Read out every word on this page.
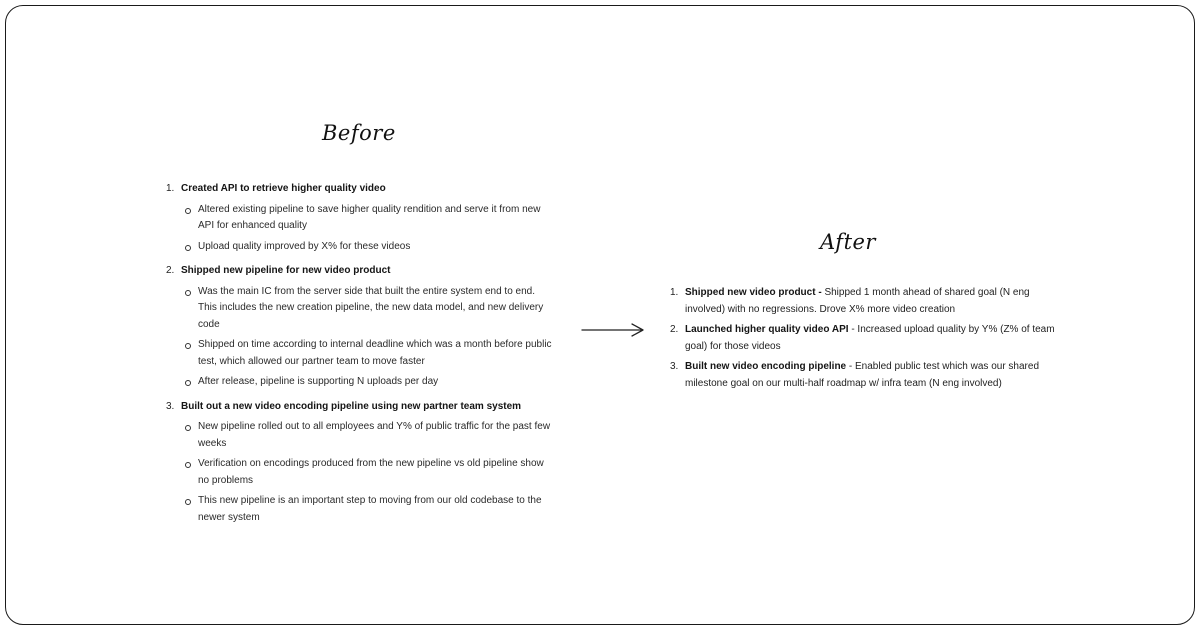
Before
1. Created API to retrieve higher quality video
Altered existing pipeline to save higher quality rendition and serve it from new API for enhanced quality
Upload quality improved by X% for these videos
2. Shipped new pipeline for new video product
Was the main IC from the server side that built the entire system end to end. This includes the new creation pipeline, the new data model, and new delivery code
Shipped on time according to internal deadline which was a month before public test, which allowed our partner team to move faster
After release, pipeline is supporting N uploads per day
3. Built out a new video encoding pipeline using new partner team system
New pipeline rolled out to all employees and Y% of public traffic for the past few weeks
Verification on encodings produced from the new pipeline vs old pipeline show no problems
This new pipeline is an important step to moving from our old codebase to the newer system
After
1. Shipped new video product - Shipped 1 month ahead of shared goal (N eng involved) with no regressions. Drove X% more video creation
2. Launched higher quality video API - Increased upload quality by Y% (Z% of team goal) for those videos
3. Built new video encoding pipeline - Enabled public test which was our shared milestone goal on our multi-half roadmap w/ infra team (N eng involved)
